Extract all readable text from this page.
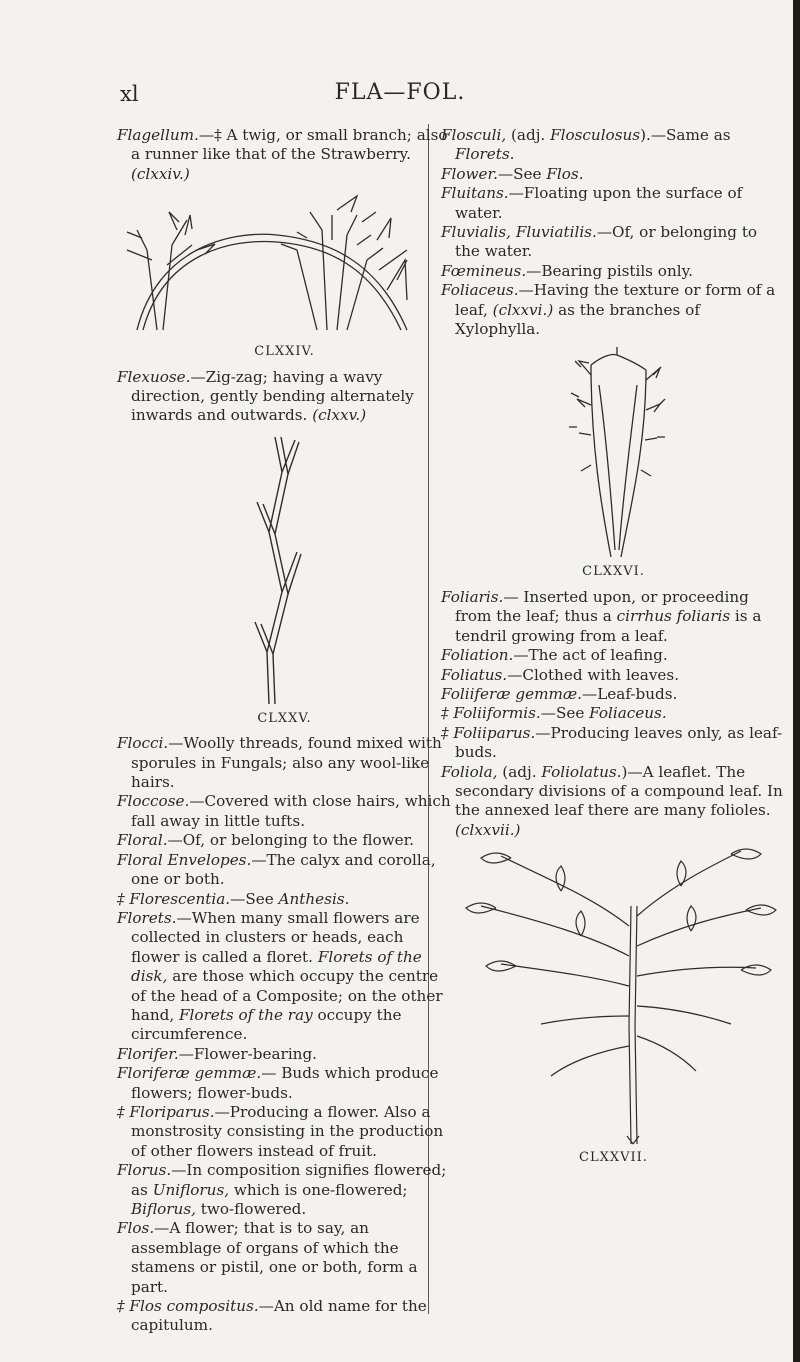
xl	FLA—FOL.

Flagellum.—‡ A twig, or small branch; also a runner like that of the Strawberry. (clxxiv.)

CLXXIV.

Flexuose.—Zig-zag; having a wavy direction, gently bending alternately inwards and outwards. (clxxv.)

CLXXV.

Flocci.—Woolly threads, found mixed with sporules in Fungals; also any wool-like hairs.

Floccose.—Covered with close hairs, which fall away in little tufts.

Floral.—Of, or belonging to the flower.

Floral Envelopes.—The calyx and corolla, one or both.

‡ Florescentia.—See Anthesis.

Florets.—When many small flowers are collected in clusters or heads, each flower is called a floret. Florets of the disk, are those which occupy the centre of the head of a Composite; on the other hand, Florets of the ray occupy the circumference.

Florifer.—Flower-bearing.

Floriferæ gemmæ.— Buds which produce flowers; flower-buds.

‡ Floriparus.—Producing a flower. Also a monstrosity consisting in the production of other flowers instead of fruit.

Florus.—In composition signifies flowered; as Uniflorus, which is one-flowered; Biflorus, two-flowered.

Flos.—A flower; that is to say, an assemblage of organs of which the stamens or pistil, one or both, form a part.

‡ Flos compositus.—An old name for the capitulum.

Flosculi, (adj. Flosculosus).—Same as Florets.

Flower.—See Flos.

Fluitans.—Floating upon the surface of water.

Fluvialis, Fluviatilis.—Of, or belonging to the water.

Fœmineus.—Bearing pistils only.

Foliaceus.—Having the texture or form of a leaf, (clxxvi.) as the branches of Xylophylla.

CLXXVI.

Foliaris.— Inserted upon, or proceeding from the leaf; thus a cirrhus foliaris is a tendril growing from a leaf.

Foliation.—The act of leafing.

Foliatus.—Clothed with leaves.

Foliiferæ gemmæ.—Leaf-buds.

‡ Foliiformis.—See Foliaceus.

‡ Foliiparus.—Producing leaves only, as leaf-buds.

Foliola, (adj. Foliolatus.)—A leaflet. The secondary divisions of a compound leaf. In the annexed leaf there are many folioles. (clxxvii.)

CLXXVII.
